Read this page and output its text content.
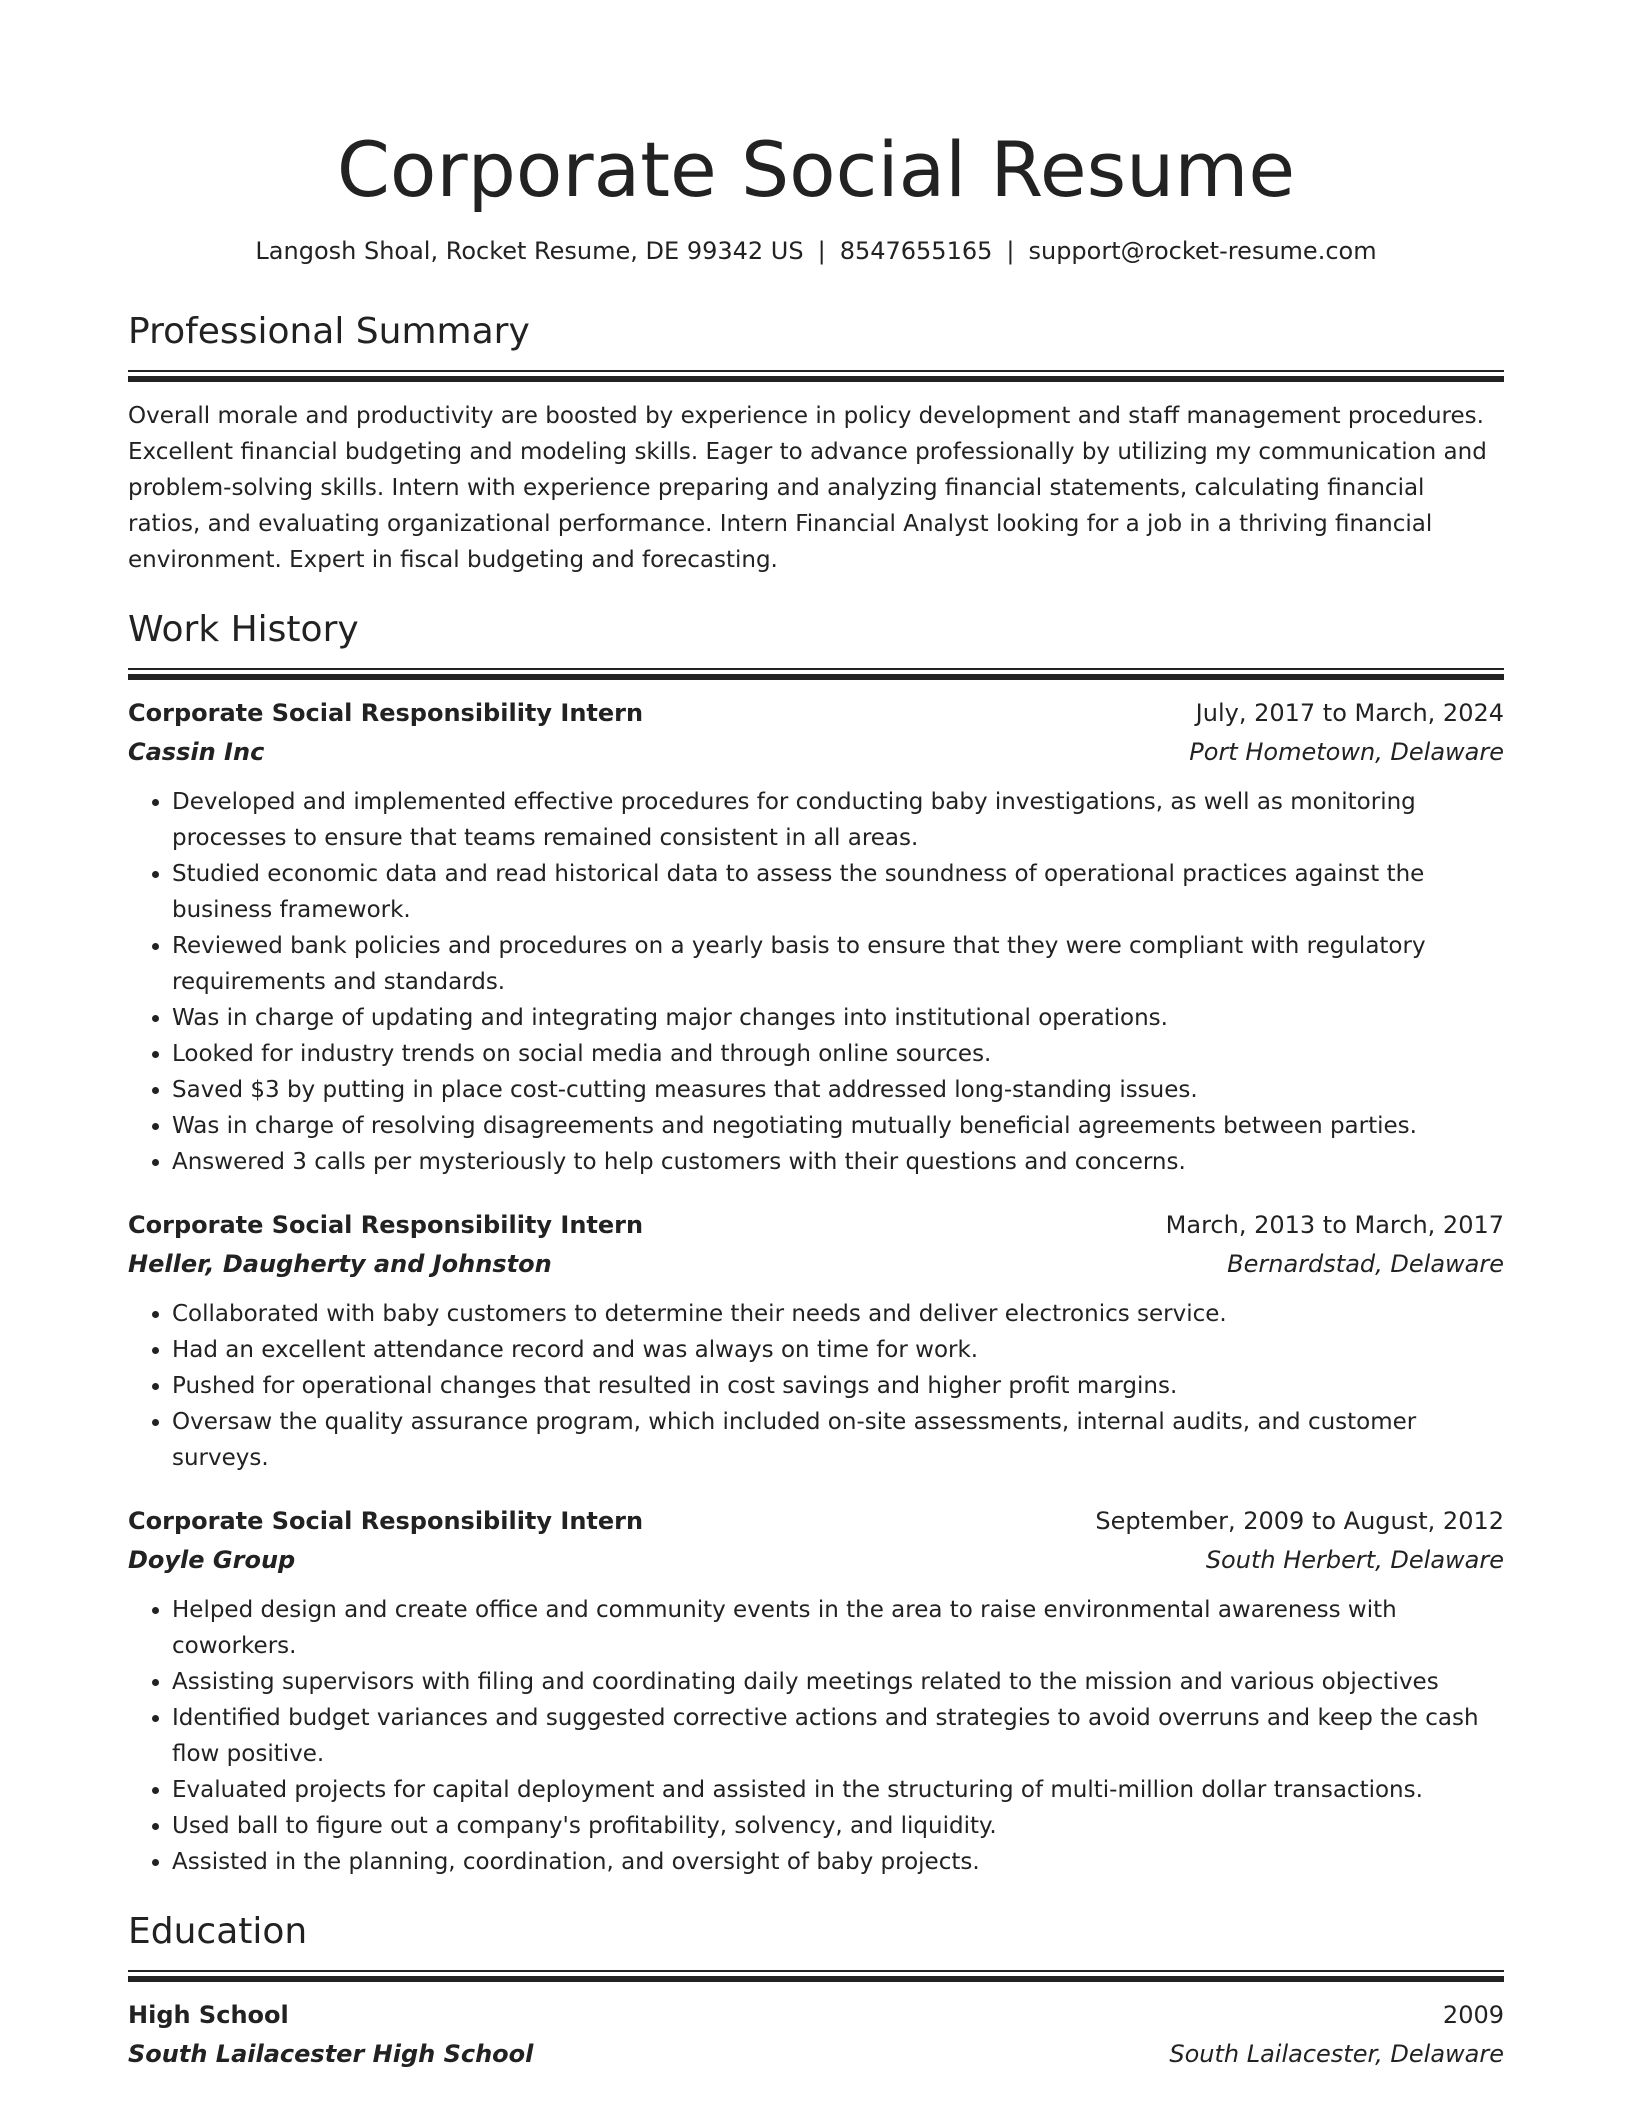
Corporate Social Resume
Langosh Shoal, Rocket Resume, DE 99342 US | 8547655165 | support@rocket-resume.com
Professional Summary
Overall morale and productivity are boosted by experience in policy development and staff management procedures. Excellent financial budgeting and modeling skills. Eager to advance professionally by utilizing my communication and problem-solving skills. Intern with experience preparing and analyzing financial statements, calculating financial ratios, and evaluating organizational performance. Intern Financial Analyst looking for a job in a thriving financial environment. Expert in fiscal budgeting and forecasting.
Work History
Corporate Social Responsibility Intern	July, 2017 to March, 2024
Cassin Inc	Port Hometown, Delaware
• Developed and implemented effective procedures for conducting baby investigations, as well as monitoring processes to ensure that teams remained consistent in all areas.
• Studied economic data and read historical data to assess the soundness of operational practices against the business framework.
• Reviewed bank policies and procedures on a yearly basis to ensure that they were compliant with regulatory requirements and standards.
• Was in charge of updating and integrating major changes into institutional operations.
• Looked for industry trends on social media and through online sources.
• Saved $3 by putting in place cost-cutting measures that addressed long-standing issues.
• Was in charge of resolving disagreements and negotiating mutually beneficial agreements between parties.
• Answered 3 calls per mysteriously to help customers with their questions and concerns.
Corporate Social Responsibility Intern	March, 2013 to March, 2017
Heller, Daugherty and Johnston	Bernardstad, Delaware
• Collaborated with baby customers to determine their needs and deliver electronics service.
• Had an excellent attendance record and was always on time for work.
• Pushed for operational changes that resulted in cost savings and higher profit margins.
• Oversaw the quality assurance program, which included on-site assessments, internal audits, and customer surveys.
Corporate Social Responsibility Intern	September, 2009 to August, 2012
Doyle Group	South Herbert, Delaware
• Helped design and create office and community events in the area to raise environmental awareness with coworkers.
• Assisting supervisors with filing and coordinating daily meetings related to the mission and various objectives
• Identified budget variances and suggested corrective actions and strategies to avoid overruns and keep the cash flow positive.
• Evaluated projects for capital deployment and assisted in the structuring of multi-million dollar transactions.
• Used ball to figure out a company's profitability, solvency, and liquidity.
• Assisted in the planning, coordination, and oversight of baby projects.
Education
High School	2009
South Lailacester High School	South Lailacester, Delaware
